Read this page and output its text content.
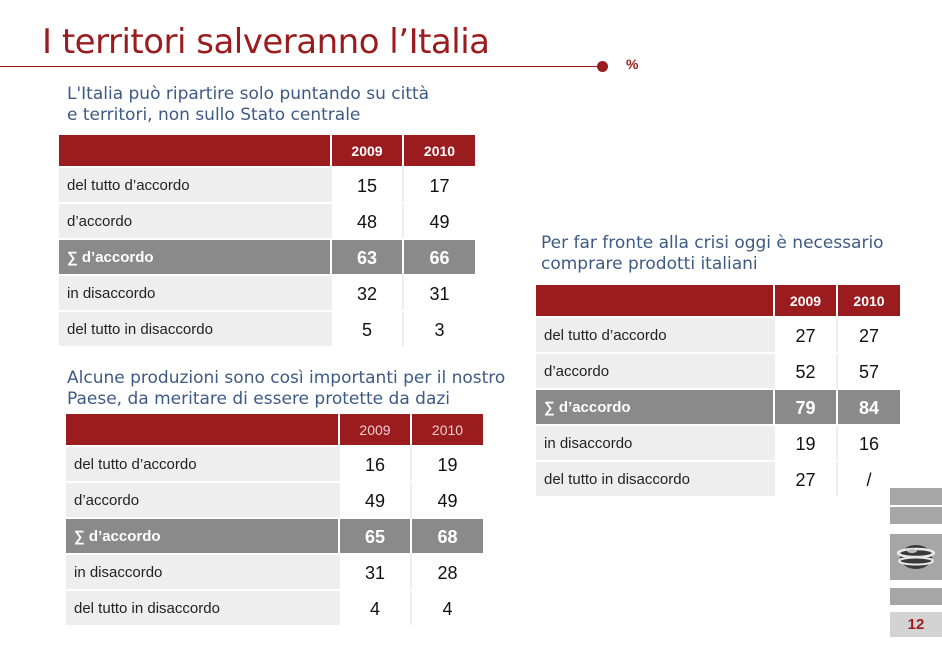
I territori salveranno l’Italia
%
L'Italia può ripartire solo puntando su città
e territori, non sullo Stato centrale
	2009	2010
del tutto d’accordo	15	17
d’accordo	48	49
∑ d’accordo	63	66
in disaccordo	32	31
del tutto in disaccordo	5	3
Alcune produzioni sono così importanti per il nostro
Paese, da meritare di essere protette da dazi
	2009	2010
del tutto d’accordo	16	19
d’accordo	49	49
∑ d’accordo	65	68
in disaccordo	31	28
del tutto in disaccordo	4	4
Per far fronte alla crisi oggi è necessario
comprare prodotti italiani
	2009	2010
del tutto d’accordo	27	27
d’accordo	52	57
∑ d’accordo	79	84
in disaccordo	19	16
del tutto in disaccordo	27	/
12
